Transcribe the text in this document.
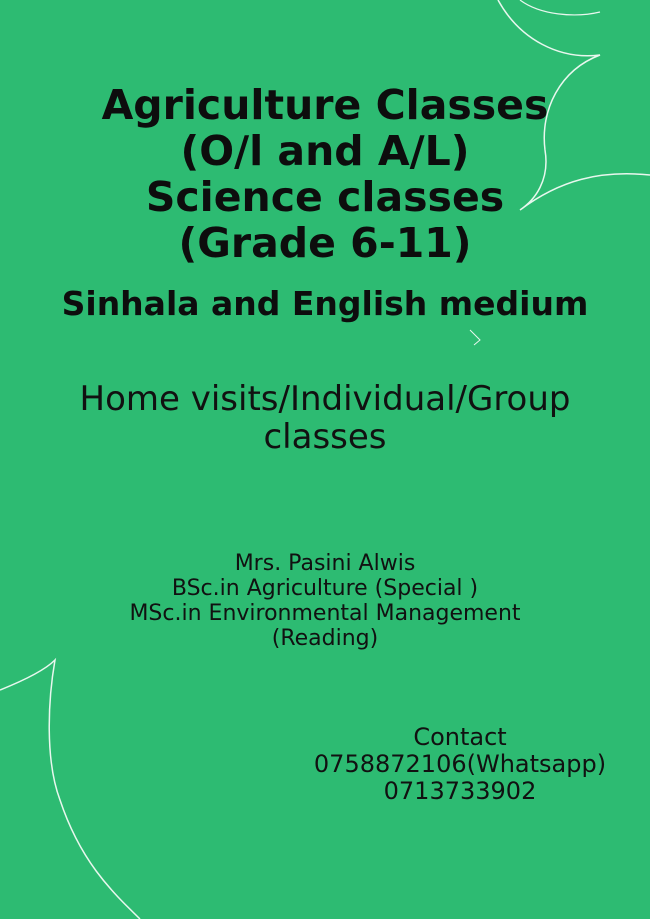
Agriculture Classes
(O/l and A/L)
Science classes
(Grade 6-11)
Sinhala and English medium
Home visits/Individual/Group
classes
Mrs. Pasini Alwis
BSc.in Agriculture (Special )
MSc.in Environmental Management
(Reading)
Contact
0758872106(Whatsapp)
0713733902
